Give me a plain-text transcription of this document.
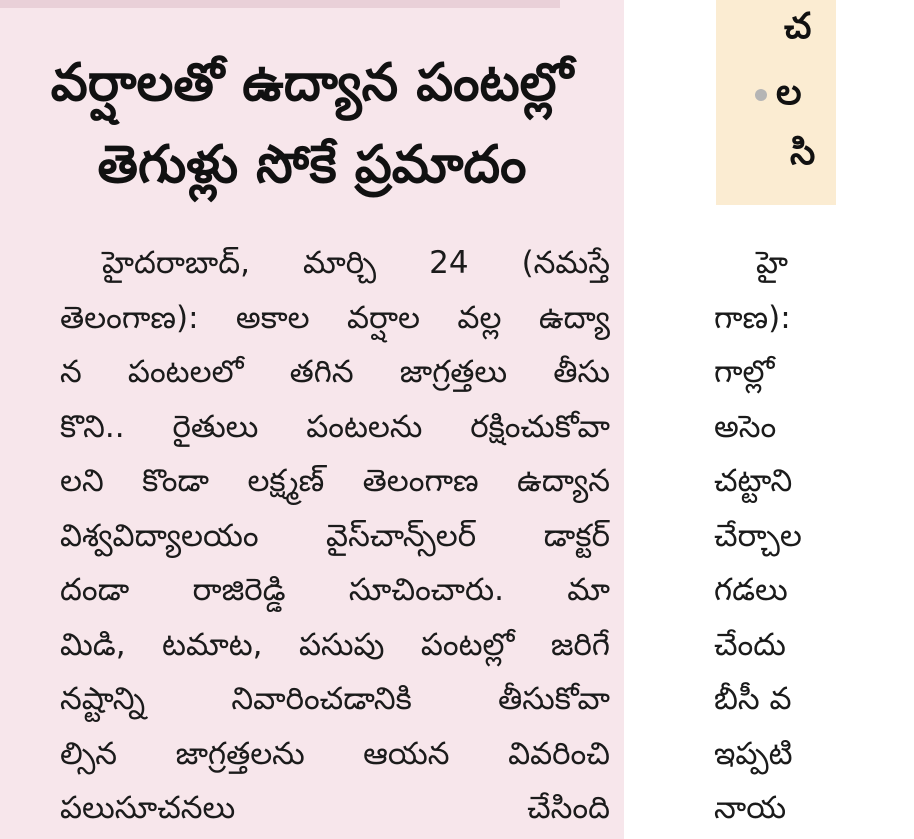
వర్షాలతో ఉద్యాన పంటల్లో
తెగుళ్లు సోకే ప్రమాదం
హైదరాబాద్, మార్చి 24 (నమస్తే
తెలంగాణ): అకాల వర్షాల వల్ల ఉద్యా
న పంటలలో తగిన జాగ్రత్తలు తీసు
కొని.. రైతులు పంటలను రక్షించుకోవా
లని కొండా లక్ష్మణ్ తెలంగాణ ఉద్యాన
విశ్వవిద్యాలయం వైస్‌చాన్స్‌లర్ డాక్టర్
దండా రాజిరెడ్డి సూచించారు. మా
మిడి, టమాట, పసుపు పంటల్లో జరిగే
నష్టాన్ని నివారించడానికి తీసుకోవా
ల్సిన జాగ్రత్తలను ఆయన వివరించి
పలుసూచనలు చేసింది
చ
ల
సి
హై
గాణ):
గాల్లో
అసెం
చట్టాని
చేర్చాల
గడలు
చేందు
బీసీ వ
ఇప్పటి
నాయ
